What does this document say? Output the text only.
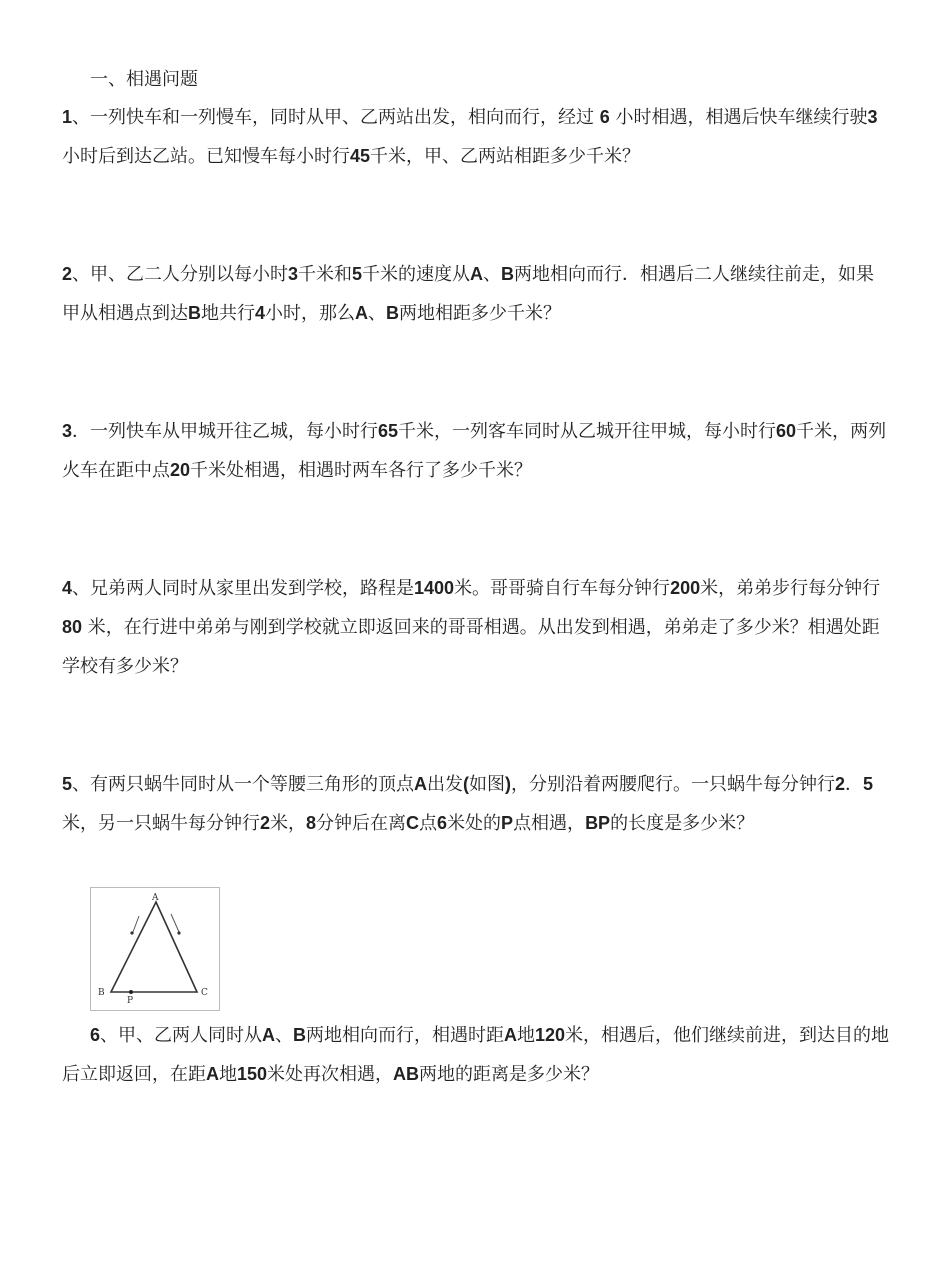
一、相遇问题

1、一列快车和一列慢车，同时从甲、乙两站出发，相向而行，经过 6 小时相遇，相遇后快车继续行驶3小时后到达乙站。已知慢车每小时行45千米，甲、乙两站相距多少千米？

2、甲、乙二人分别以每小时3千米和5千米的速度从A、B两地相向而行．相遇后二人继续往前走，如果甲从相遇点到达B地共行4小时，那么A、B两地相距多少千米？

3．一列快车从甲城开往乙城，每小时行65千米，一列客车同时从乙城开往甲城，每小时行60千米，两列火车在距中点20千米处相遇，相遇时两车各行了多少千米？

4、兄弟两人同时从家里出发到学校，路程是1400米。哥哥骑自行车每分钟行200米，弟弟步行每分钟行 80 米，在行进中弟弟与刚到学校就立即返回来的哥哥相遇。从出发到相遇，弟弟走了多少米？相遇处距学校有多少米？

5、有两只蜗牛同时从一个等腰三角形的顶点A出发(如图)，分别沿着两腰爬行。一只蜗牛每分钟行2．5米，另一只蜗牛每分钟行2米，8分钟后在离C点6米处的P点相遇，BP的长度是多少米？

A
B	C
P

6、甲、乙两人同时从A、B两地相向而行，相遇时距A地120米，相遇后，他们继续前进，到达目的地后立即返回，在距A地150米处再次相遇，AB两地的距离是多少米？
